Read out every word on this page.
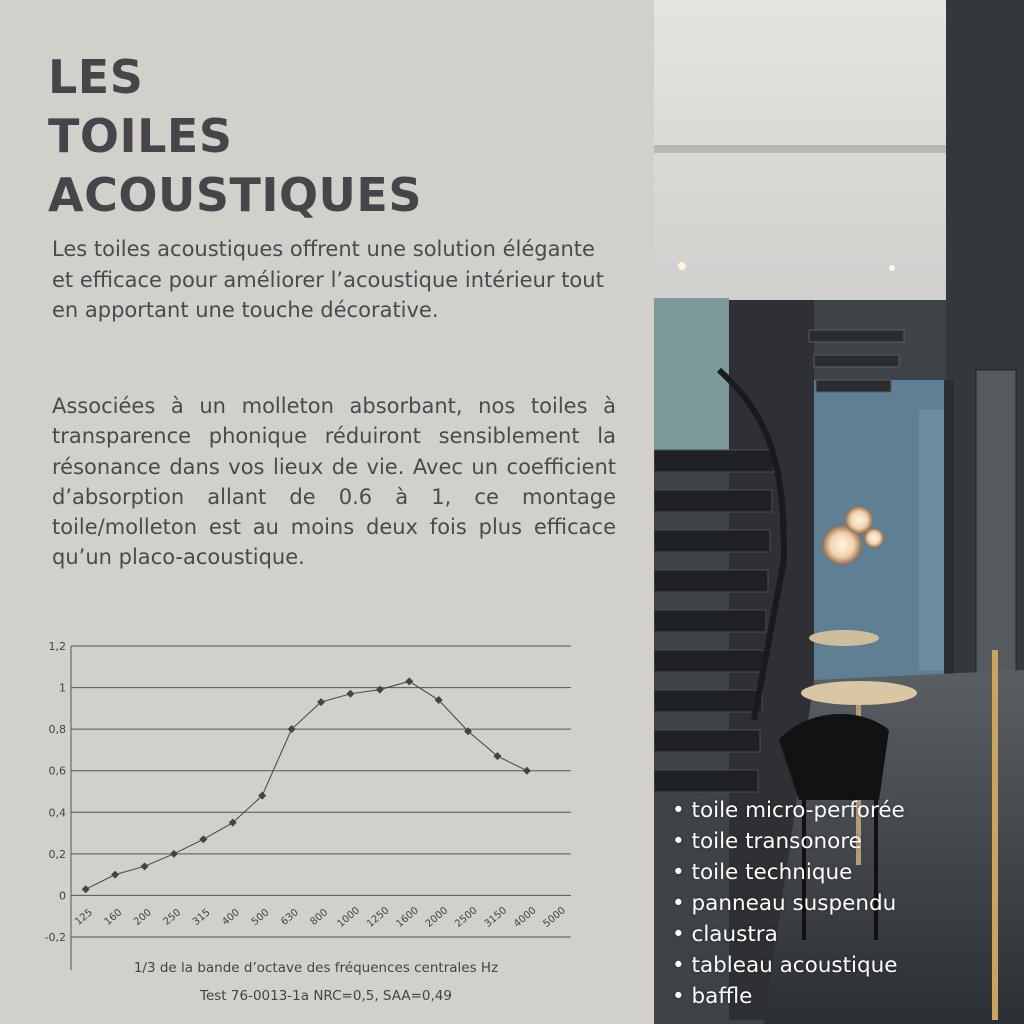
LES
TOILES
ACOUSTIQUES

Les toiles acoustiques offrent une solution élégante et efficace pour améliorer l’acoustique intérieur tout en apportant une touche décorative.

Associées à un molleton absorbant, nos toiles à transparence phonique réduiront sensiblement la résonance dans vos lieux de vie. Avec un coefficient d’absorption allant de 0.6 à 1, ce montage toile/molleton est au moins deux fois plus efficace qu’un placo-acoustique.

-0,2
0
0,2
0,4
0,6
0,8
1
1,2
125 160 200 250 315 400 500 630 800 1000 1250 1600 2000 2500 3150 4000 5000
1/3 de la bande d’octave des fréquences centrales Hz
Test 76-0013-1a NRC=0,5, SAA=0,49
• toile micro-perforée
• toile transonore
• toile technique
• panneau suspendu
• claustra
• tableau acoustique
• baffle
